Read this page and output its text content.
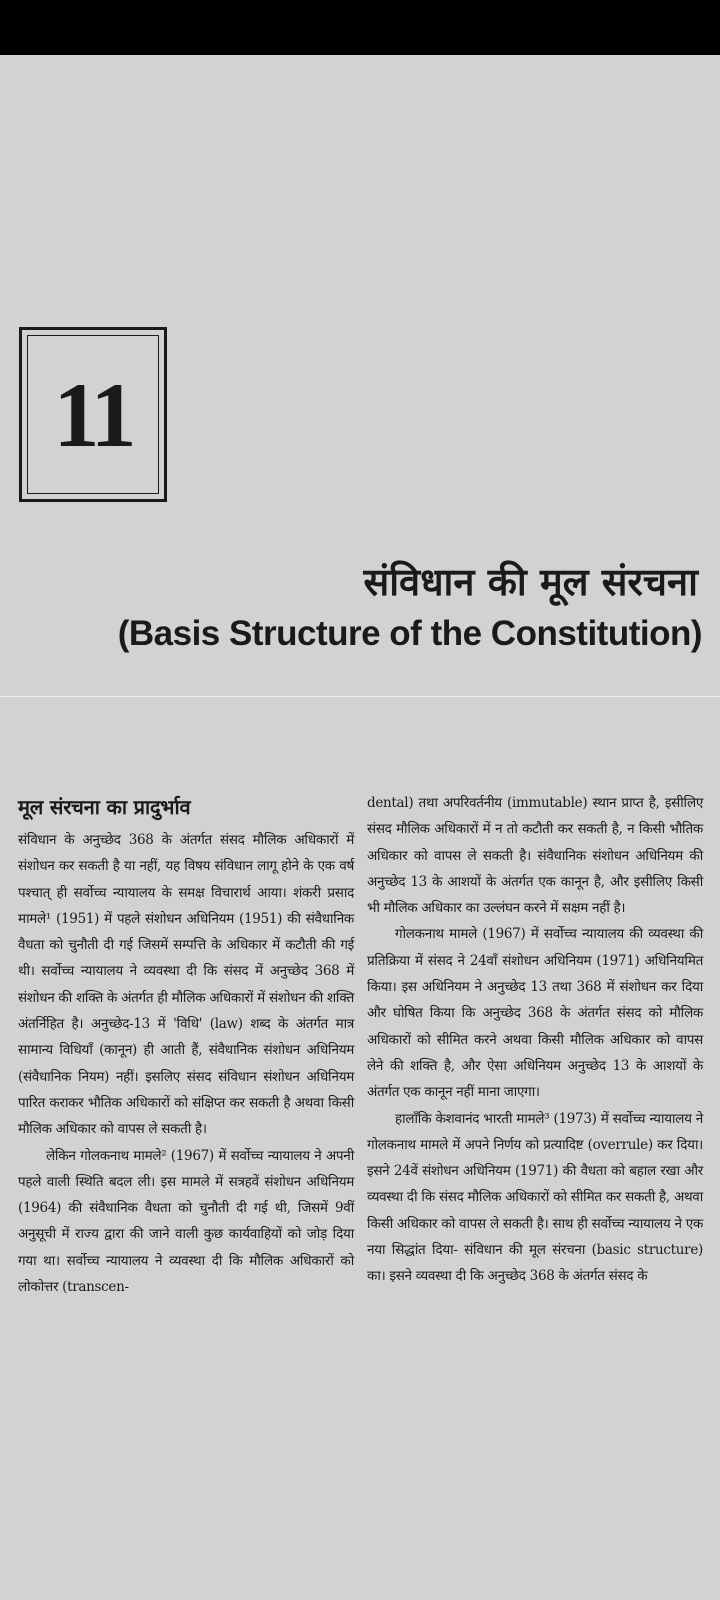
11
संविधान की मूल संरचना
(Basis Structure of the Constitution)
मूल संरचना का प्रादुर्भाव

संविधान के अनुच्छेद 368 के अंतर्गत संसद मौलिक अधिकारों में संशोधन कर सकती है या नहीं, यह विषय संविधान लागू होने के एक वर्ष पश्चात् ही सर्वोच्च न्यायालय के समक्ष विचारार्थ आया। शंकरी प्रसाद मामले¹ (1951) में पहले संशोधन अधिनियम (1951) की संवैधानिक वैधता को चुनौती दी गई जिसमें सम्पत्ति के अधिकार में कटौती की गई थी। सर्वोच्च न्यायालय ने व्यवस्था दी कि संसद में अनुच्छेद 368 में संशोधन की शक्ति के अंतर्गत ही मौलिक अधिकारों में संशोधन की शक्ति अंतर्निहित है। अनुच्छेद-13 में 'विधि' (law) शब्द के अंतर्गत मात्र सामान्य विधियाँ (कानून) ही आती हैं, संवैधानिक संशोधन अधिनियम (संवैधानिक नियम) नहीं। इसलिए संसद संविधान संशोधन अधिनियम पारित कराकर भौतिक अधिकारों को संक्षिप्त कर सकती है अथवा किसी मौलिक अधिकार को वापस ले सकती है।

लेकिन गोलकनाथ मामले² (1967) में सर्वोच्च न्यायालय ने अपनी पहले वाली स्थिति बदल ली। इस मामले में सत्रहवें संशोधन अधिनियम (1964) की संवैधानिक वैधता को चुनौती दी गई थी, जिसमें 9वीं अनुसूची में राज्य द्वारा की जाने वाली कुछ कार्यवाहियों को जोड़ दिया गया था। सर्वोच्च न्यायालय ने व्यवस्था दी कि मौलिक अधिकारों को लोकोत्तर (transcen-

dental) तथा अपरिवर्तनीय (immutable) स्थान प्राप्त है, इसीलिए संसद मौलिक अधिकारों में न तो कटौती कर सकती है, न किसी भौतिक अधिकार को वापस ले सकती है। संवैधानिक संशोधन अधिनियम की अनुच्छेद 13 के आशयों के अंतर्गत एक कानून है, और इसीलिए किसी भी मौलिक अधिकार का उल्लंघन करने में सक्षम नहीं है।

गोलकनाथ मामले (1967) में सर्वोच्च न्यायालय की व्यवस्था की प्रतिक्रिया में संसद ने 24वाँ संशोधन अधिनियम (1971) अधिनियमित किया। इस अधिनियम ने अनुच्छेद 13 तथा 368 में संशोधन कर दिया और घोषित किया कि अनुच्छेद 368 के अंतर्गत संसद को मौलिक अधिकारों को सीमित करने अथवा किसी मौलिक अधिकार को वापस लेने की शक्ति है, और ऐसा अधिनियम अनुच्छेद 13 के आशयों के अंतर्गत एक कानून नहीं माना जाएगा।

हालाँकि केशवानंद भारती मामले³ (1973) में सर्वोच्च न्यायालय ने गोलकनाथ मामले में अपने निर्णय को प्रत्यादिष्ट (overrule) कर दिया। इसने 24वें संशोधन अधिनियम (1971) की वैधता को बहाल रखा और व्यवस्था दी कि संसद मौलिक अधिकारों को सीमित कर सकती है, अथवा किसी अधिकार को वापस ले सकती है। साथ ही सर्वोच्च न्यायालय ने एक नया सिद्धांत दिया- संविधान की मूल संरचना (basic structure) का। इसने व्यवस्था दी कि अनुच्छेद 368 के अंतर्गत संसद के
